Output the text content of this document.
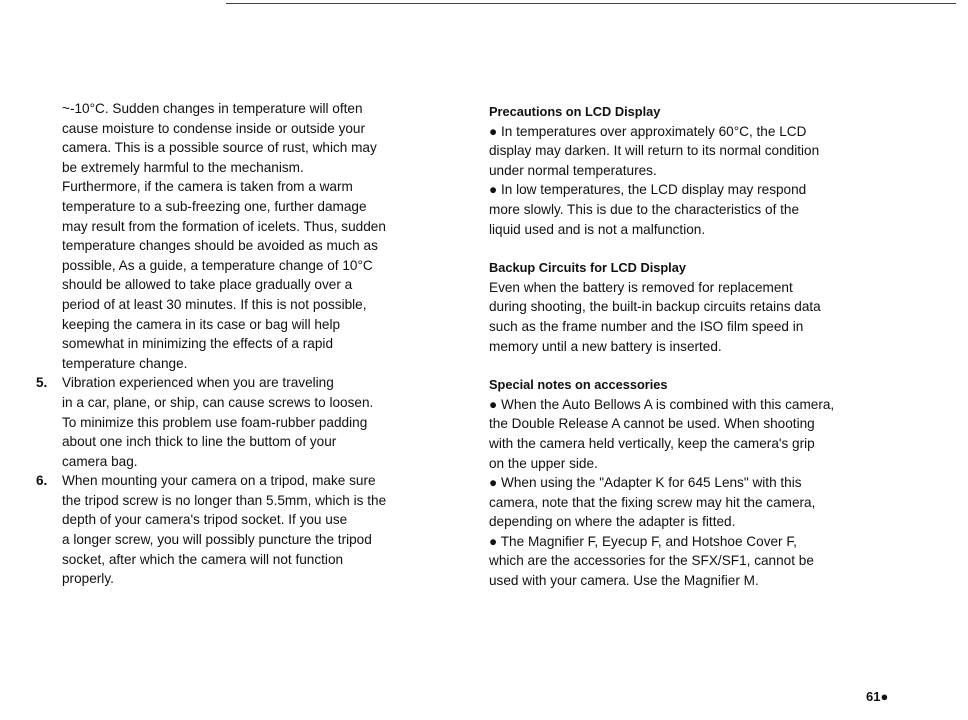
~-10°C. Sudden changes in temperature will often
cause moisture to condense inside or outside your
camera. This is a possible source of rust, which may
be extremely harmful to the mechanism.
Furthermore, if the camera is taken from a warm
temperature to a sub-freezing one, further damage
may result from the formation of icelets. Thus, sudden
temperature changes should be avoided as much as
possible, As a guide, a temperature change of 10°C
should be allowed to take place gradually over a
period of at least 30 minutes. If this is not possible,
keeping the camera in its case or bag will help
somewhat in minimizing the effects of a rapid
temperature change.
5. Vibration experienced when you are traveling
in a car, plane, or ship, can cause screws to loosen.
To minimize this problem use foam-rubber padding
about one inch thick to line the buttom of your
camera bag.
6. When mounting your camera on a tripod, make sure
the tripod screw is no longer than 5.5mm, which is the
depth of your camera's tripod socket. If you use
a longer screw, you will possibly puncture the tripod
socket, after which the camera will not function
properly.
Precautions on LCD Display
● In temperatures over approximately 60°C, the LCD
display may darken. It will return to its normal condition
under normal temperatures.
● In low temperatures, the LCD display may respond
more slowly. This is due to the characteristics of the
liquid used and is not a malfunction.
Backup Circuits for LCD Display
Even when the battery is removed for replacement
during shooting, the built-in backup circuits retains data
such as the frame number and the ISO film speed in
memory until a new battery is inserted.
Special notes on accessories
● When the Auto Bellows A is combined with this camera,
the Double Release A cannot be used. When shooting
with the camera held vertically, keep the camera's grip
on the upper side.
● When using the "Adapter K for 645 Lens" with this
camera, note that the fixing screw may hit the camera,
depending on where the adapter is fitted.
● The Magnifier F, Eyecup F, and Hotshoe Cover F,
which are the accessories for the SFX/SF1, cannot be
used with your camera. Use the Magnifier M.
61●
